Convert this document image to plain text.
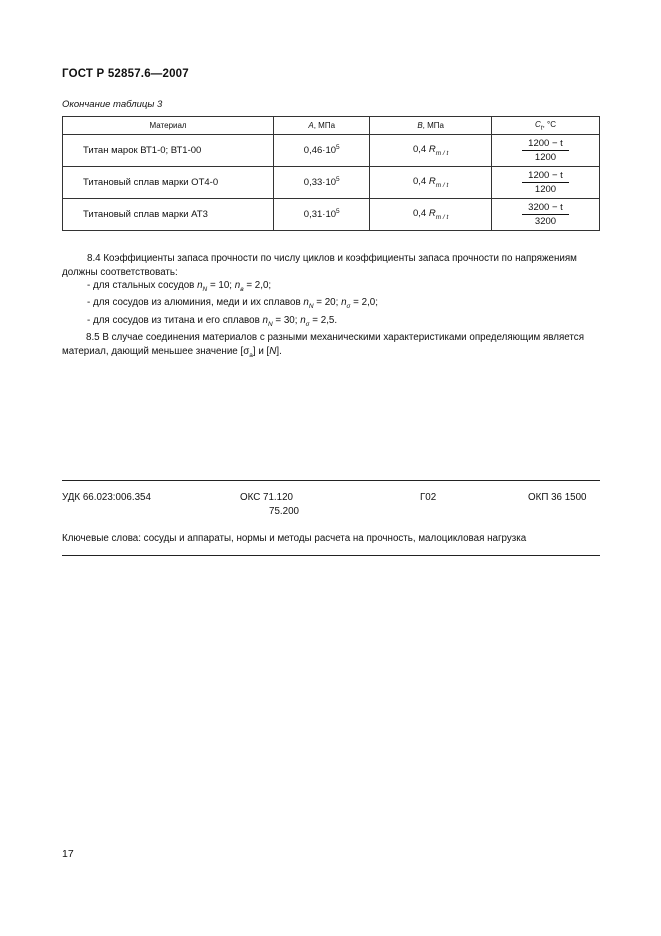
ГОСТ Р 52857.6—2007
Окончание таблицы 3
Материал	A, МПа	B, МПа	$C_t$, °С
Титан марок ВТ1-0; ВТ1-00	$0,46\cdot 10^5$	0,4 $R_{m / t}$	$\frac{1200 - t}{1200}$

Титановый сплав марки ОТ4-0	$0,33\cdot 10^5$	0,4 $R_{m / t}$	$\frac{1200 - t}{1200}$

Титановый сплав марки АТ3	$0,31\cdot 10^5$	0,4 $R_{m / t}$	$\frac{3200 - t}{3200}$

8.4 Коэффициенты запаса прочности по числу циклов и коэффициенты запаса прочности по напряжениям должны соответствовать:

- для стальных сосудов $n_N = 10$; $n_в = 2,0$;

- для сосудов из алюминия, меди и их сплавов $n_N = 20$; $n_\sigma = 2,0$;

- для сосудов из титана и его сплавов $n_N = 30$; $n_\sigma = 2,5$.

8.5 В случае соединения материалов с разными механическими характеристиками определяющим является материал, дающий меньшее значение $[\sigma_а]$ и [N].

УДК 66.023:006.354	ОКС 71.120
75.200
Г02	ОКП 36 1500
Ключевые слова: сосуды и аппараты, нормы и методы расчета на прочность, малоцикловая нагрузка
17
